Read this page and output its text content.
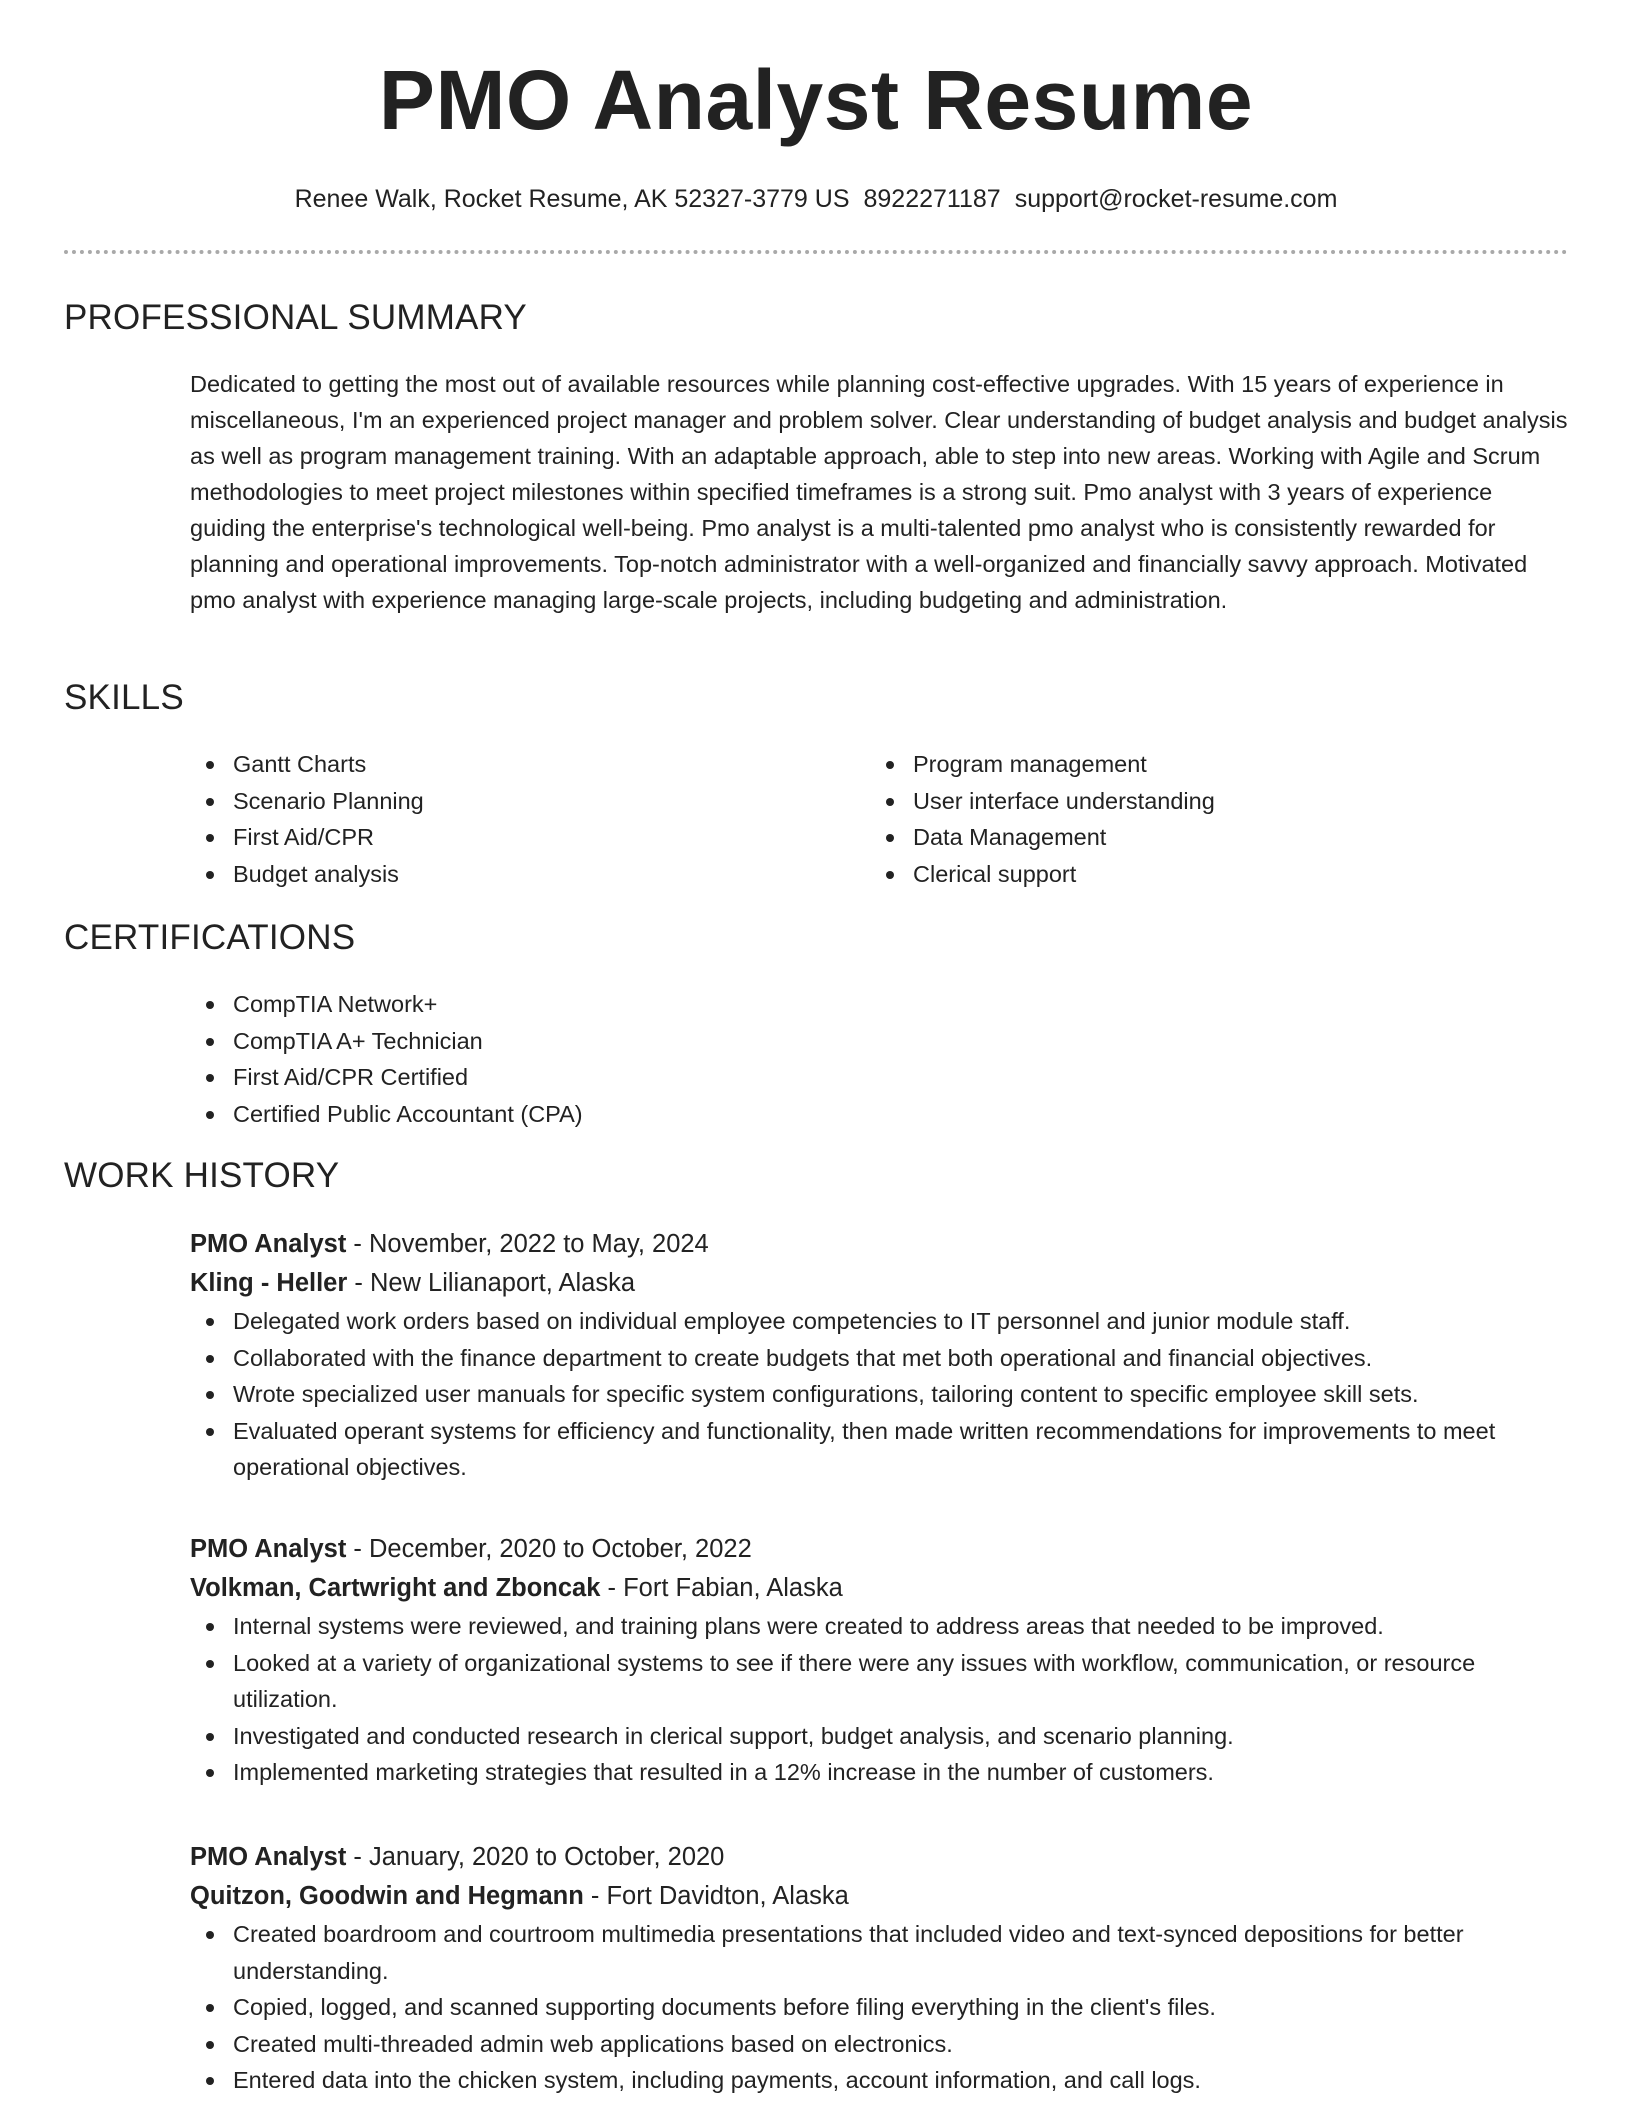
PMO Analyst Resume
Renee Walk, Rocket Resume, AK 52327-3779 US 8922271187 support@rocket-resume.com
PROFESSIONAL SUMMARY

Dedicated to getting the most out of available resources while planning cost-effective upgrades. With 15 years of experience in miscellaneous, I'm an experienced project manager and problem solver. Clear understanding of budget analysis and budget analysis as well as program management training. With an adaptable approach, able to step into new areas. Working with Agile and Scrum methodologies to meet project milestones within specified timeframes is a strong suit. Pmo analyst with 3 years of experience guiding the enterprise's technological well-being. Pmo analyst is a multi-talented pmo analyst who is consistently rewarded for planning and operational improvements. Top-notch administrator with a well-organized and financially savvy approach. Motivated pmo analyst with experience managing large-scale projects, including budgeting and administration.

SKILLS
Gantt Charts
Scenario Planning
First Aid/CPR
Budget analysis
Program management
User interface understanding
Data Management
Clerical support
CERTIFICATIONS
CompTIA Network+
CompTIA A+ Technician
First Aid/CPR Certified
Certified Public Accountant (CPA)
WORK HISTORY
PMO Analyst - November, 2022 to May, 2024
Kling - Heller - New Lilianaport, Alaska
Delegated work orders based on individual employee competencies to IT personnel and junior module staff.
Collaborated with the finance department to create budgets that met both operational and financial objectives.
Wrote specialized user manuals for specific system configurations, tailoring content to specific employee skill sets.
Evaluated operant systems for efficiency and functionality, then made written recommendations for improvements to meet operational objectives.
PMO Analyst - December, 2020 to October, 2022
Volkman, Cartwright and Zboncak - Fort Fabian, Alaska
Internal systems were reviewed, and training plans were created to address areas that needed to be improved.
Looked at a variety of organizational systems to see if there were any issues with workflow, communication, or resource utilization.
Investigated and conducted research in clerical support, budget analysis, and scenario planning.
Implemented marketing strategies that resulted in a 12% increase in the number of customers.
PMO Analyst - January, 2020 to October, 2020
Quitzon, Goodwin and Hegmann - Fort Davidton, Alaska
Created boardroom and courtroom multimedia presentations that included video and text-synced depositions for better understanding.
Copied, logged, and scanned supporting documents before filing everything in the client's files.
Created multi-threaded admin web applications based on electronics.
Entered data into the chicken system, including payments, account information, and call logs.
